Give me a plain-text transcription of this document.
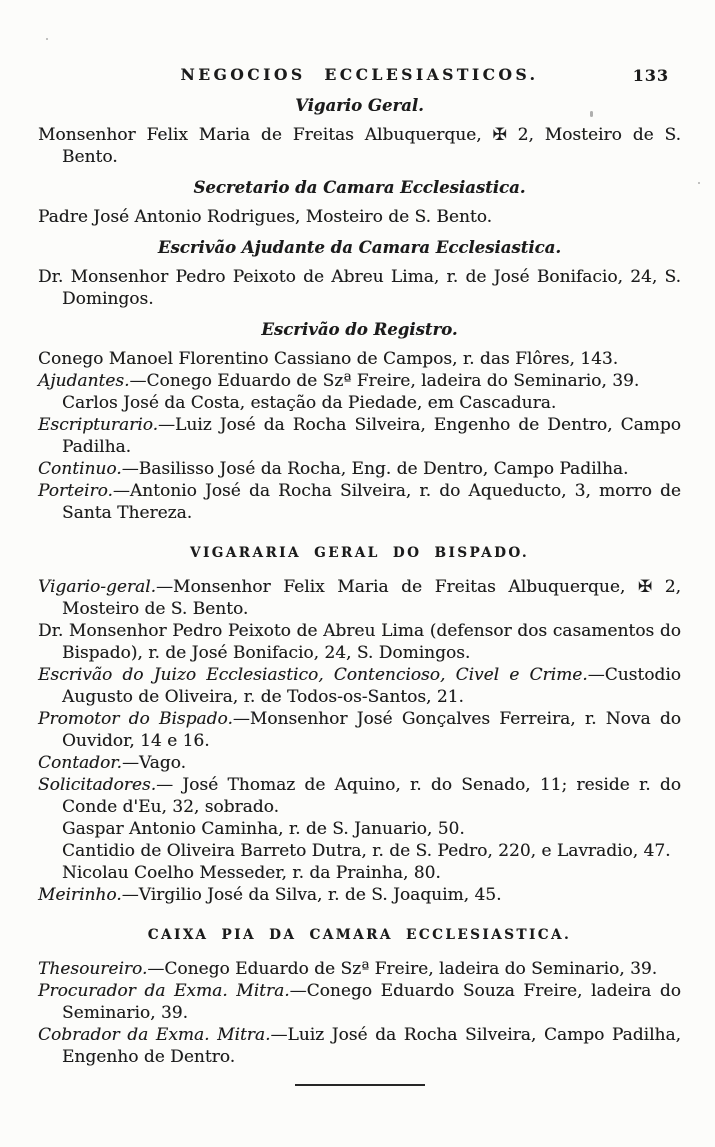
NEGOCIOS ECCLESIASTICOS.	133
Vigario Geral.

Monsenhor Felix Maria de Freitas Albuquerque, ✠ 2, Mosteiro de S. Bento.

Secretario da Camara Ecclesiastica.

Padre José Antonio Rodrigues, Mosteiro de S. Bento.

Escrivão Ajudante da Camara Ecclesiastica.

Dr. Monsenhor Pedro Peixoto de Abreu Lima, r. de José Bonifacio, 24, S. Domingos.

Escrivão do Registro.

Conego Manoel Florentino Cassiano de Campos, r. das Flôres, 143.

Ajudantes.—Conego Eduardo de Szª Freire, ladeira do Seminario, 39.

Carlos José da Costa, estação da Piedade, em Cascadura.

Escripturario.—Luiz José da Rocha Silveira, Engenho de Dentro, Campo Padilha.

Continuo.—Basilisso José da Rocha, Eng. de Dentro, Campo Padilha.

Porteiro.—Antonio José da Rocha Silveira, r. do Aqueducto, 3, morro de Santa Thereza.

VIGARARIA GERAL DO BISPADO.

Vigario-geral.—Monsenhor Felix Maria de Freitas Albuquerque, ✠ 2, Mosteiro de S. Bento.

Dr. Monsenhor Pedro Peixoto de Abreu Lima (defensor dos casamentos do Bispado), r. de José Bonifacio, 24, S. Domingos.

Escrivão do Juizo Ecclesiastico, Contencioso, Civel e Crime.—Custodio Augusto de Oliveira, r. de Todos-os-Santos, 21.

Promotor do Bispado.—Monsenhor José Gonçalves Ferreira, r. Nova do Ouvidor, 14 e 16.

Contador.—Vago.

Solicitadores.— José Thomaz de Aquino, r. do Senado, 11; reside r. do Conde d'Eu, 32, sobrado.

Gaspar Antonio Caminha, r. de S. Januario, 50.

Cantidio de Oliveira Barreto Dutra, r. de S. Pedro, 220, e Lavradio, 47.

Nicolau Coelho Messeder, r. da Prainha, 80.

Meirinho.—Virgilio José da Silva, r. de S. Joaquim, 45.

CAIXA PIA DA CAMARA ECCLESIASTICA.

Thesoureiro.—Conego Eduardo de Szª Freire, ladeira do Seminario, 39.

Procurador da Exma. Mitra.—Conego Eduardo Souza Freire, ladeira do Seminario, 39.

Cobrador da Exma. Mitra.—Luiz José da Rocha Silveira, Campo Padilha, Engenho de Dentro.
